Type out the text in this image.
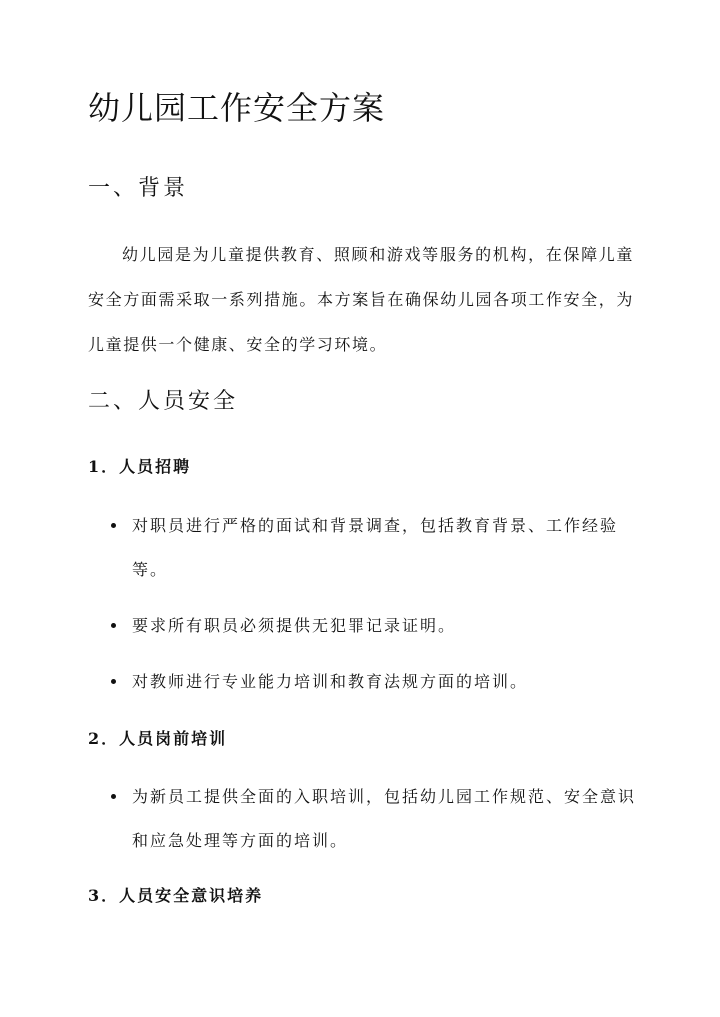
幼儿园工作安全方案
一、背景

幼儿园是为儿童提供教育、照顾和游戏等服务的机构，在保障儿童安全方面需采取一系列措施。本方案旨在确保幼儿园各项工作安全，为儿童提供一个健康、安全的学习环境。

二、人员安全
1．人员招聘
对职员进行严格的面试和背景调查，包括教育背景、工作经验等。
要求所有职员必须提供无犯罪记录证明。
对教师进行专业能力培训和教育法规方面的培训。
2．人员岗前培训
为新员工提供全面的入职培训，包括幼儿园工作规范、安全意识和应急处理等方面的培训。
3．人员安全意识培养
